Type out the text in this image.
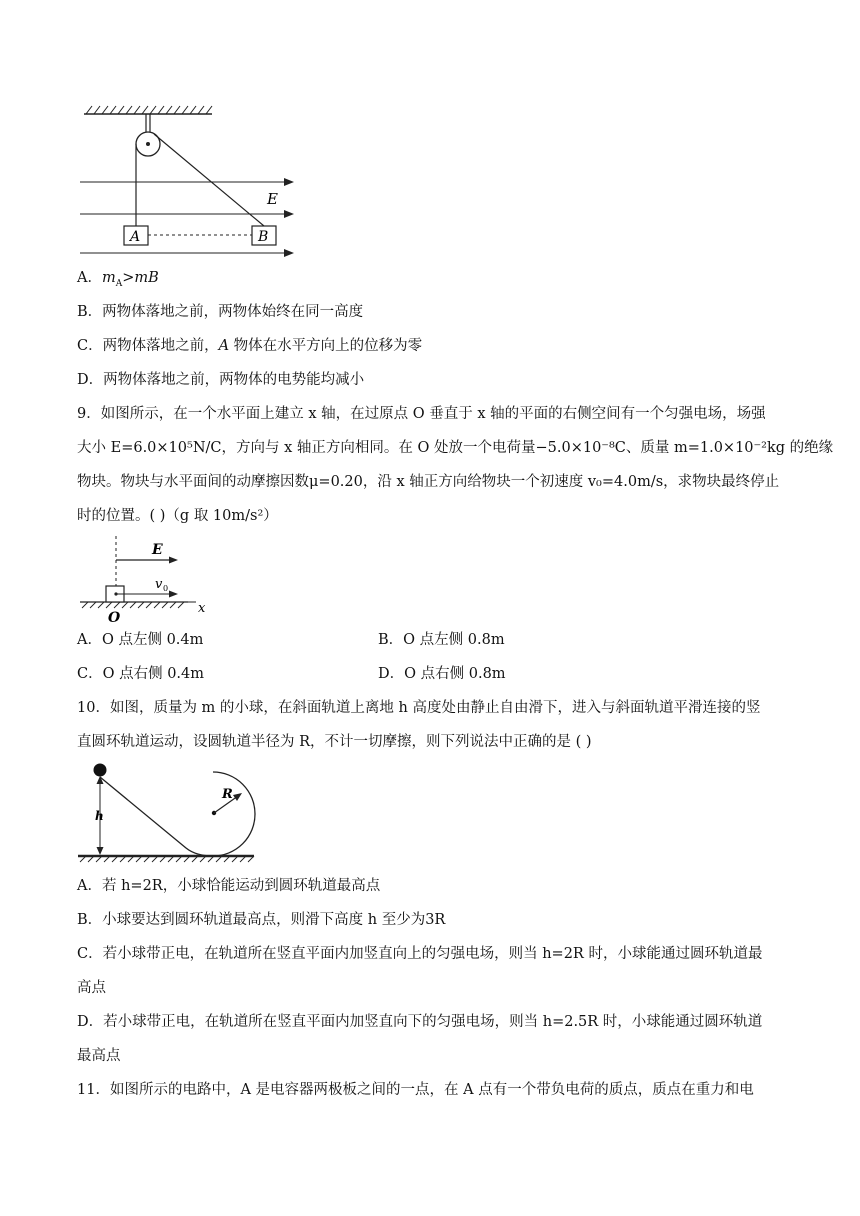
A	B
E
A．$m_A>mB$
B．两物体落地之前，两物体始终在同一高度
C．两物体落地之前，A 物体在水平方向上的位移为零
D．两物体落地之前，两物体的电势能均减小
9．如图所示，在一个水平面上建立 x 轴，在过原点 O 垂直于 x 轴的平面的右侧空间有一个匀强电场，场强
大小 E=6.0×10⁵N/C，方向与 x 轴正方向相同。在 O 处放一个电荷量−5.0×10⁻⁸C、质量 m=1.0×10⁻²kg 的绝缘
物块。物块与水平面间的动摩擦因数μ=0.20，沿 x 轴正方向给物块一个初速度 v₀=4.0m/s，求物块最终停止
时的位置。( )（g 取 10m/s²）
E
x
v 0
O
A．O 点左侧 0.4m	B．O 点左侧 0.8m
C．O 点右侧 0.4m	D．O 点右侧 0.8m
10．如图，质量为 m 的小球，在斜面轨道上离地 h 高度处由静止自由滑下，进入与斜面轨道平滑连接的竖
直圆环轨道运动，设圆轨道半径为 R，不计一切摩擦，则下列说法中正确的是 ( )
h
R
A．若 h=2R，小球恰能运动到圆环轨道最高点
B．小球要达到圆环轨道最高点，则滑下高度 h 至少为3R
C．若小球带正电，在轨道所在竖直平面内加竖直向上的匀强电场，则当 h=2R 时，小球能通过圆环轨道最
高点
D．若小球带正电，在轨道所在竖直平面内加竖直向下的匀强电场，则当 h=2.5R 时，小球能通过圆环轨道
最高点
11．如图所示的电路中，A 是电容器两极板之间的一点，在 A 点有一个带负电荷的质点，质点在重力和电
